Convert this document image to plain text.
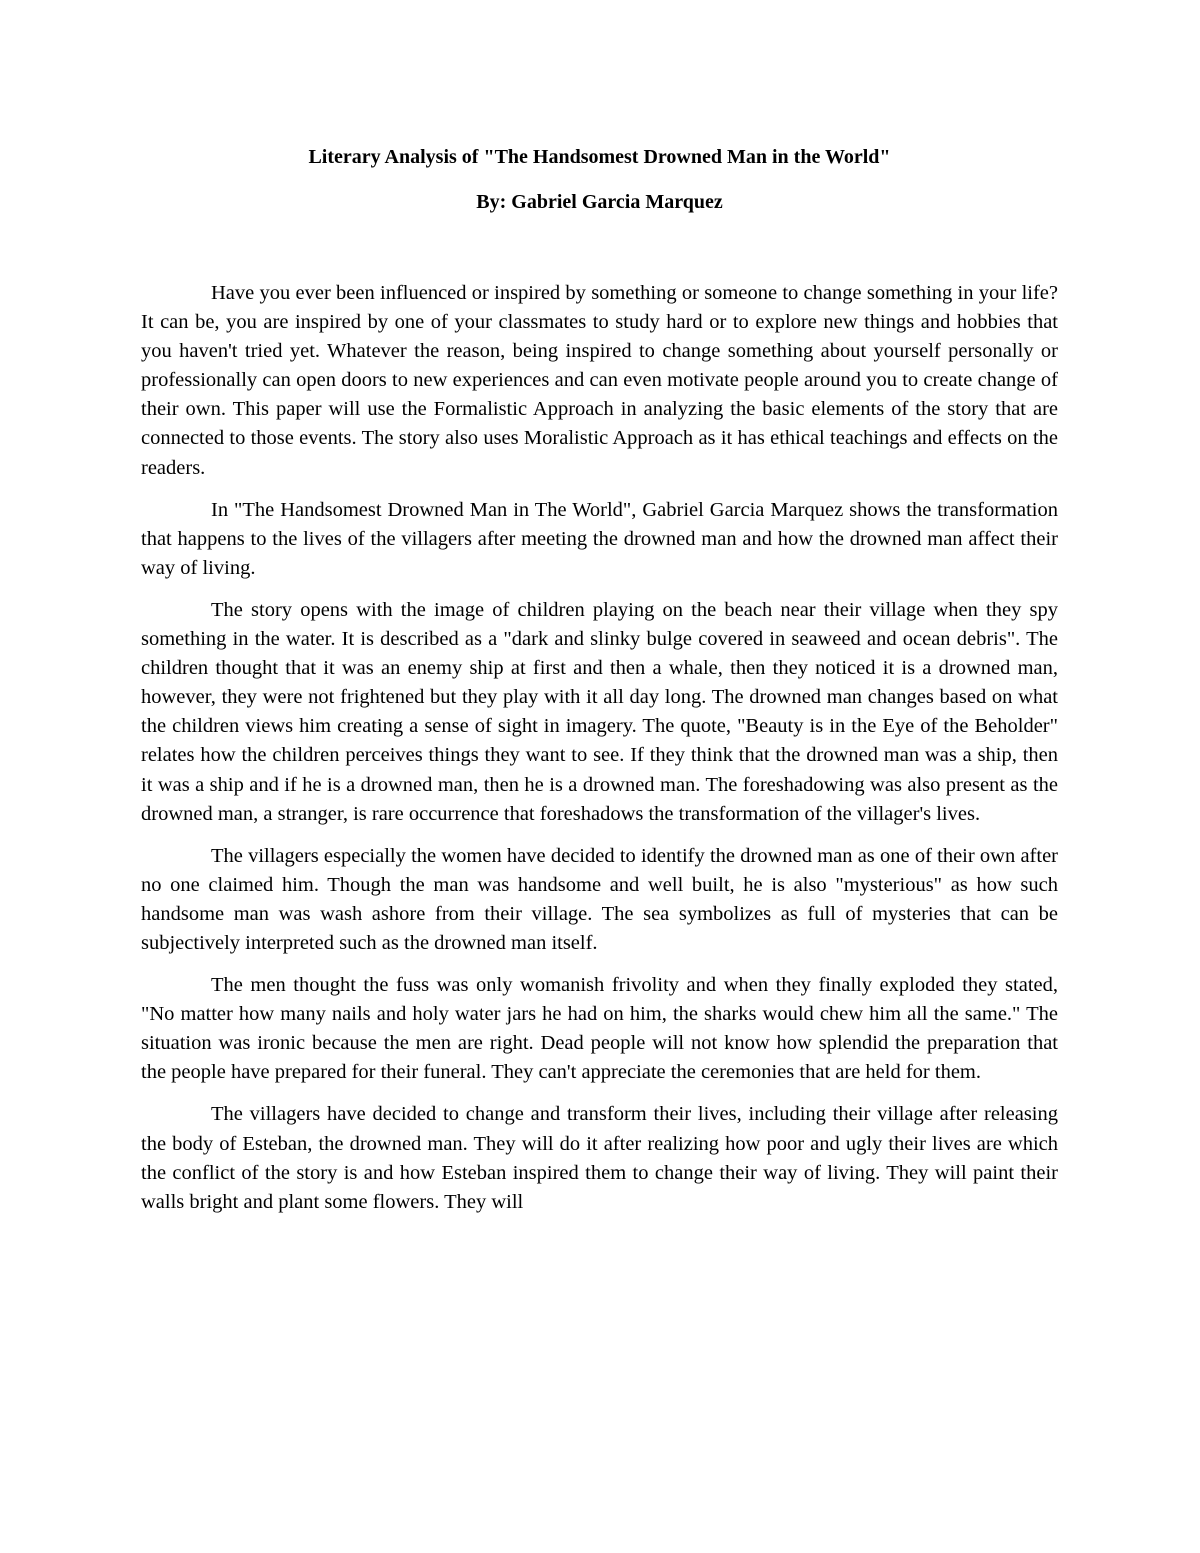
Literary Analysis of "The Handsomest Drowned Man in the World"
By: Gabriel Garcia Marquez

Have you ever been influenced or inspired by something or someone to change something in your life? It can be, you are inspired by one of your classmates to study hard or to explore new things and hobbies that you haven't tried yet. Whatever the reason, being inspired to change something about yourself personally or professionally can open doors to new experiences and can even motivate people around you to create change of their own. This paper will use the Formalistic Approach in analyzing the basic elements of the story that are connected to those events. The story also uses Moralistic Approach as it has ethical teachings and effects on the readers.

In "The Handsomest Drowned Man in The World", Gabriel Garcia Marquez shows the transformation that happens to the lives of the villagers after meeting the drowned man and how the drowned man affect their way of living.

The story opens with the image of children playing on the beach near their village when they spy something in the water. It is described as a "dark and slinky bulge covered in seaweed and ocean debris". The children thought that it was an enemy ship at first and then a whale, then they noticed it is a drowned man, however, they were not frightened but they play with it all day long. The drowned man changes based on what the children views him creating a sense of sight in imagery. The quote, "Beauty is in the Eye of the Beholder" relates how the children perceives things they want to see. If they think that the drowned man was a ship, then it was a ship and if he is a drowned man, then he is a drowned man. The foreshadowing was also present as the drowned man, a stranger, is rare occurrence that foreshadows the transformation of the villager's lives.

The villagers especially the women have decided to identify the drowned man as one of their own after no one claimed him. Though the man was handsome and well built, he is also "mysterious" as how such handsome man was wash ashore from their village. The sea symbolizes as full of mysteries that can be subjectively interpreted such as the drowned man itself.

The men thought the fuss was only womanish frivolity and when they finally exploded they stated, "No matter how many nails and holy water jars he had on him, the sharks would chew him all the same." The situation was ironic because the men are right. Dead people will not know how splendid the preparation that the people have prepared for their funeral. They can't appreciate the ceremonies that are held for them.

The villagers have decided to change and transform their lives, including their village after releasing the body of Esteban, the drowned man. They will do it after realizing how poor and ugly their lives are which the conflict of the story is and how Esteban inspired them to change their way of living. They will paint their walls bright and plant some flowers. They will
